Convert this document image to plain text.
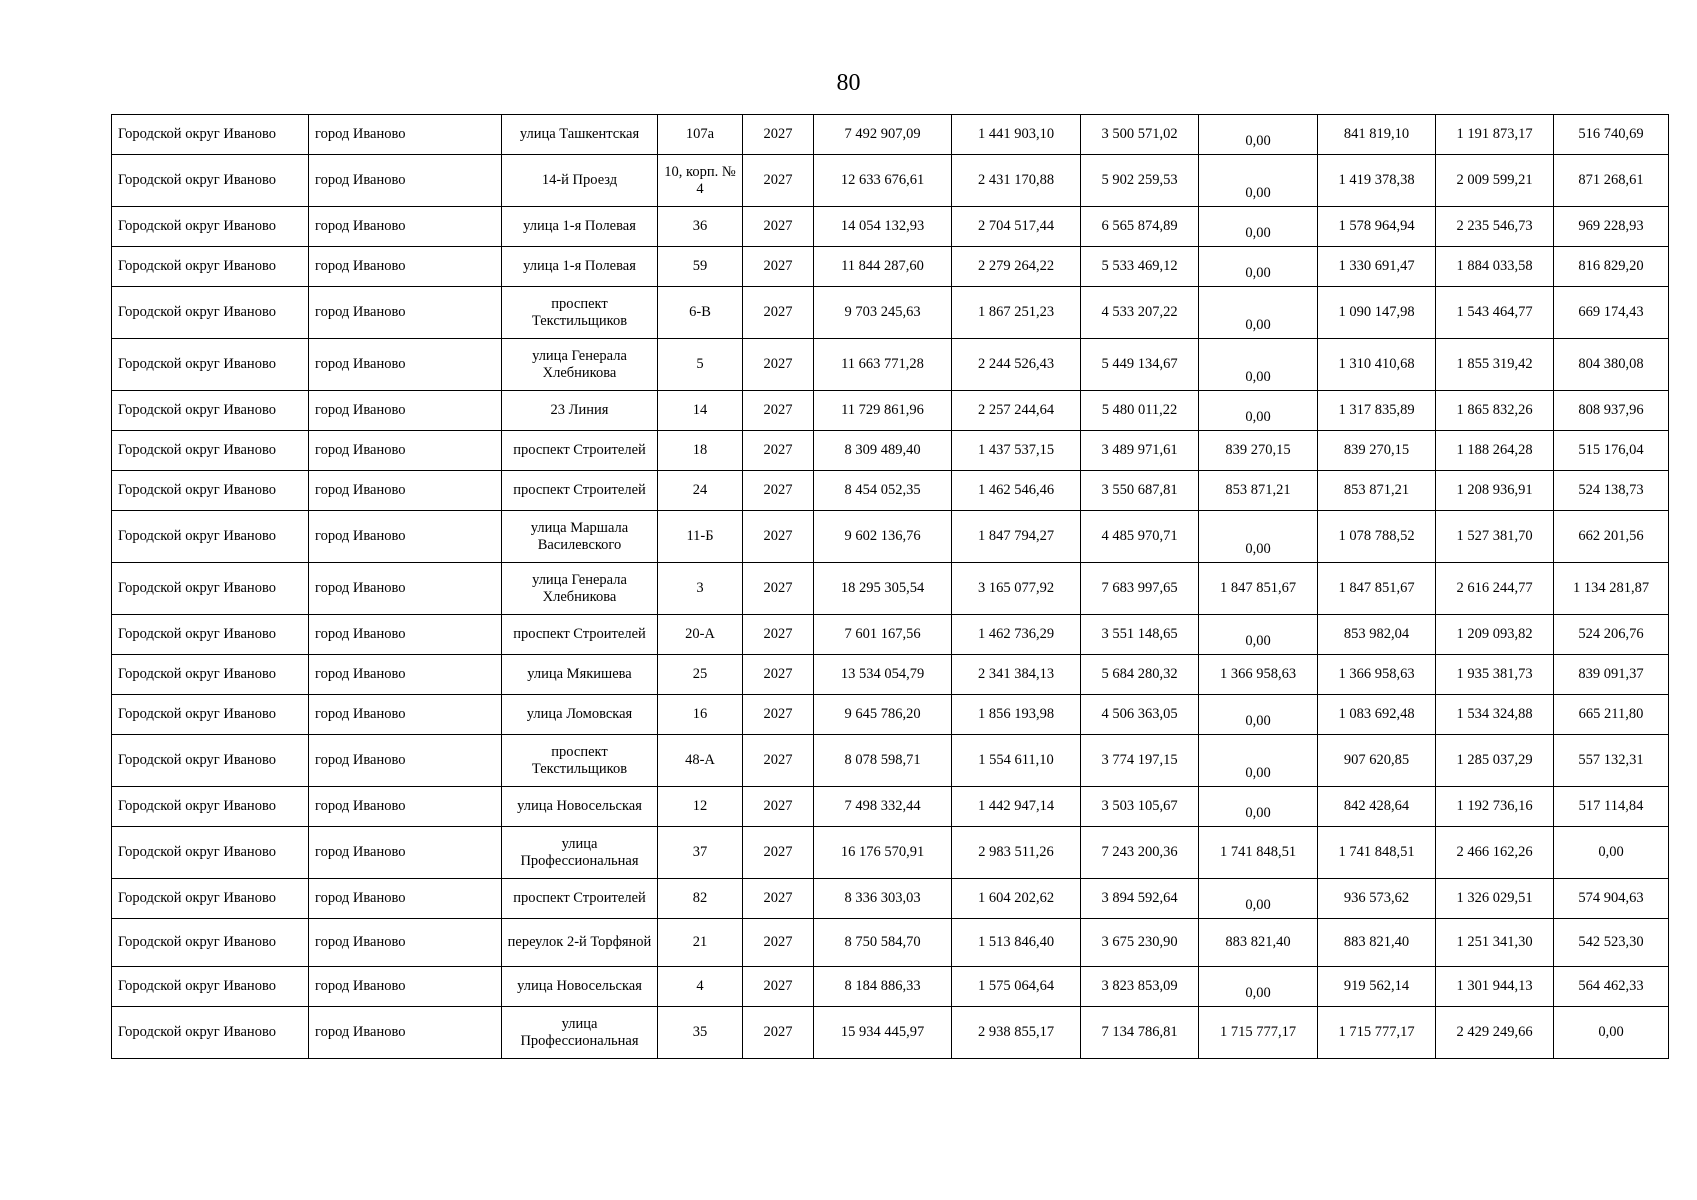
80
Городской округ Иваново	город Иваново	улица Ташкентская	107а	2027	7 492 907,09	1 441 903,10	3 500 571,02	0,00	841 819,10	1 191 873,17	516 740,69
Городской округ Иваново	город Иваново	14-й Проезд	10, корп. № 4	2027	12 633 676,61	2 431 170,88	5 902 259,53	0,00	1 419 378,38	2 009 599,21	871 268,61
Городской округ Иваново	город Иваново	улица 1-я Полевая	36	2027	14 054 132,93	2 704 517,44	6 565 874,89	0,00	1 578 964,94	2 235 546,73	969 228,93
Городской округ Иваново	город Иваново	улица 1-я Полевая	59	2027	11 844 287,60	2 279 264,22	5 533 469,12	0,00	1 330 691,47	1 884 033,58	816 829,20
Городской округ Иваново	город Иваново	проспект Текстильщиков	6-В	2027	9 703 245,63	1 867 251,23	4 533 207,22	0,00	1 090 147,98	1 543 464,77	669 174,43
Городской округ Иваново	город Иваново	улица Генерала Хлебникова	5	2027	11 663 771,28	2 244 526,43	5 449 134,67	0,00	1 310 410,68	1 855 319,42	804 380,08
Городской округ Иваново	город Иваново	23 Линия	14	2027	11 729 861,96	2 257 244,64	5 480 011,22	0,00	1 317 835,89	1 865 832,26	808 937,96
Городской округ Иваново	город Иваново	проспект Строителей	18	2027	8 309 489,40	1 437 537,15	3 489 971,61	839 270,15	839 270,15	1 188 264,28	515 176,04
Городской округ Иваново	город Иваново	проспект Строителей	24	2027	8 454 052,35	1 462 546,46	3 550 687,81	853 871,21	853 871,21	1 208 936,91	524 138,73
Городской округ Иваново	город Иваново	улица Маршала Василевского	11-Б	2027	9 602 136,76	1 847 794,27	4 485 970,71	0,00	1 078 788,52	1 527 381,70	662 201,56
Городской округ Иваново	город Иваново	улица Генерала Хлебникова	3	2027	18 295 305,54	3 165 077,92	7 683 997,65	1 847 851,67	1 847 851,67	2 616 244,77	1 134 281,87
Городской округ Иваново	город Иваново	проспект Строителей	20-А	2027	7 601 167,56	1 462 736,29	3 551 148,65	0,00	853 982,04	1 209 093,82	524 206,76
Городской округ Иваново	город Иваново	улица Мякишева	25	2027	13 534 054,79	2 341 384,13	5 684 280,32	1 366 958,63	1 366 958,63	1 935 381,73	839 091,37
Городской округ Иваново	город Иваново	улица Ломовская	16	2027	9 645 786,20	1 856 193,98	4 506 363,05	0,00	1 083 692,48	1 534 324,88	665 211,80
Городской округ Иваново	город Иваново	проспект Текстильщиков	48-А	2027	8 078 598,71	1 554 611,10	3 774 197,15	0,00	907 620,85	1 285 037,29	557 132,31
Городской округ Иваново	город Иваново	улица Новосельская	12	2027	7 498 332,44	1 442 947,14	3 503 105,67	0,00	842 428,64	1 192 736,16	517 114,84
Городской округ Иваново	город Иваново	улица Профессиональная	37	2027	16 176 570,91	2 983 511,26	7 243 200,36	1 741 848,51	1 741 848,51	2 466 162,26	0,00
Городской округ Иваново	город Иваново	проспект Строителей	82	2027	8 336 303,03	1 604 202,62	3 894 592,64	0,00	936 573,62	1 326 029,51	574 904,63
Городской округ Иваново	город Иваново	переулок 2-й Торфяной	21	2027	8 750 584,70	1 513 846,40	3 675 230,90	883 821,40	883 821,40	1 251 341,30	542 523,30
Городской округ Иваново	город Иваново	улица Новосельская	4	2027	8 184 886,33	1 575 064,64	3 823 853,09	0,00	919 562,14	1 301 944,13	564 462,33
Городской округ Иваново	город Иваново	улица Профессиональная	35	2027	15 934 445,97	2 938 855,17	7 134 786,81	1 715 777,17	1 715 777,17	2 429 249,66	0,00
